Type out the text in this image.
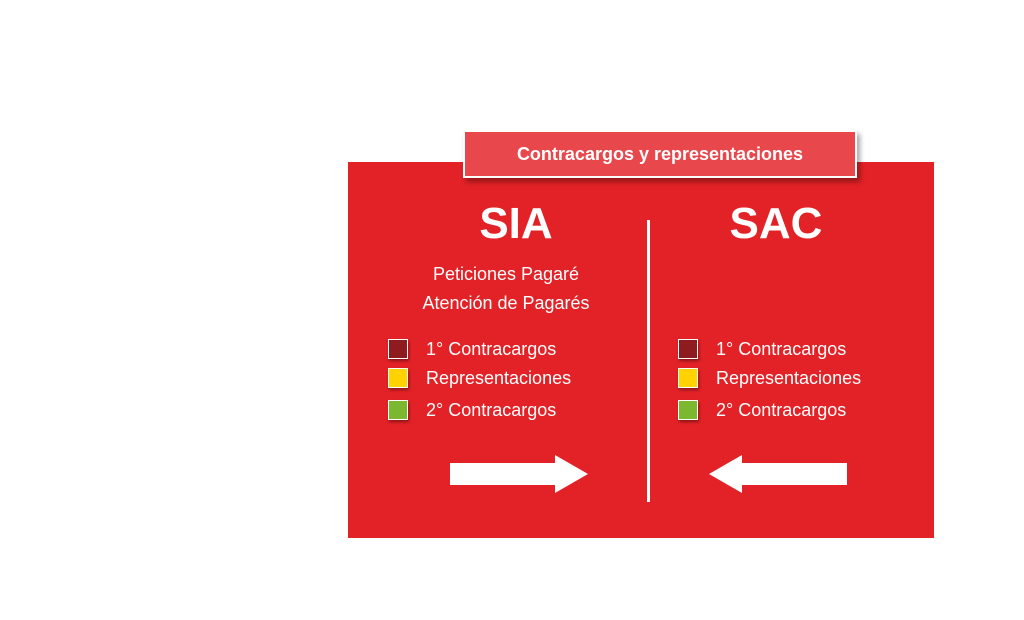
Contracargos y representaciones
SIA
Peticiones Pagaré
Atención de Pagarés
1° Contracargos
Representaciones
2° Contracargos
SAC
1° Contracargos
Representaciones
2° Contracargos
